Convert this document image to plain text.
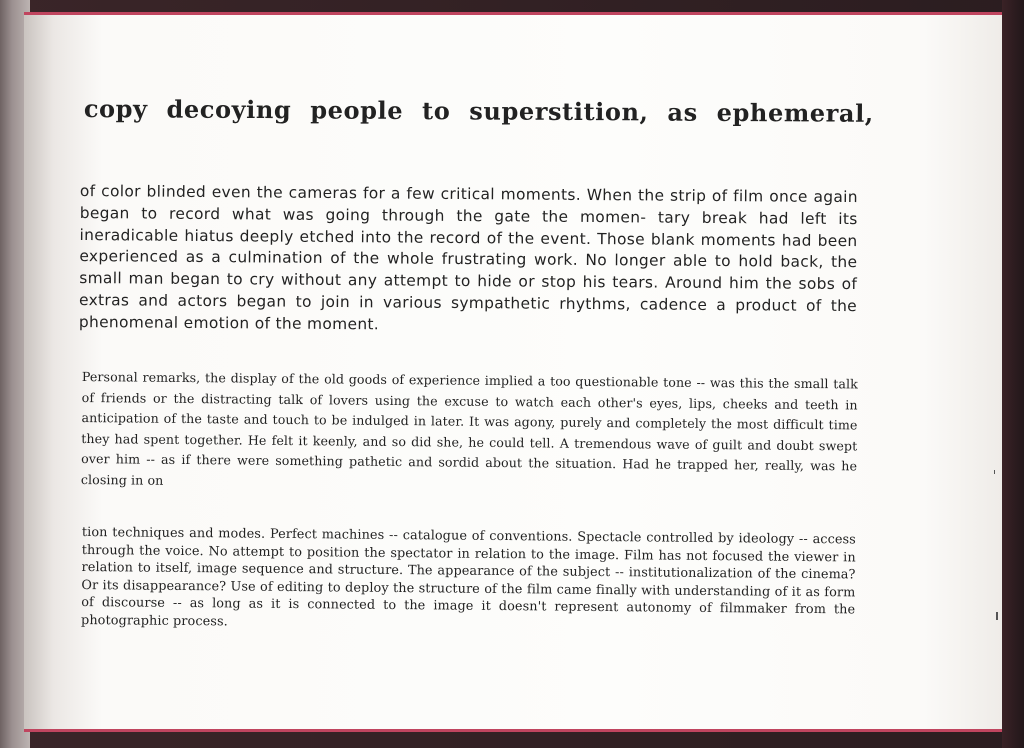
copy decoying people to superstition, as ephemeral,

of color blinded even the cameras for a few critical moments. When the strip of film once again began to record what was going through the gate the momen- tary break had left its ineradicable hiatus deeply etched into the record of the event. Those blank moments had been experienced as a culmination of the whole frustrating work. No longer able to hold back, the small man began to cry without any attempt to hide or stop his tears. Around him the sobs of extras and actors began to join in various sympathetic rhythms, cadence a product of the phenomenal emotion of the moment.

Personal remarks, the display of the old goods of experience implied a too questionable tone -- was this the small talk of friends or the distracting talk of lovers using the excuse to watch each other's eyes, lips, cheeks and teeth in anticipation of the taste and touch to be indulged in later. It was agony, purely and completely the most difficult time they had spent together. He felt it keenly, and so did she, he could tell. A tremendous wave of guilt and doubt swept over him -- as if there were something pathetic and sordid about the situation. Had he trapped her, really, was he closing in on

tion techniques and modes. Perfect machines -- catalogue of conventions. Spectacle controlled by ideology -- access through the voice. No attempt to position the spectator in relation to the image. Film has not focused the viewer in relation to itself, image sequence and structure. The appearance of the subject -- institutionalization of the cinema? Or its disappearance? Use of editing to deploy the structure of the film came finally with understanding of it as form of discourse -- as long as it is connected to the image it doesn't represent autonomy of filmmaker from the photographic process.
